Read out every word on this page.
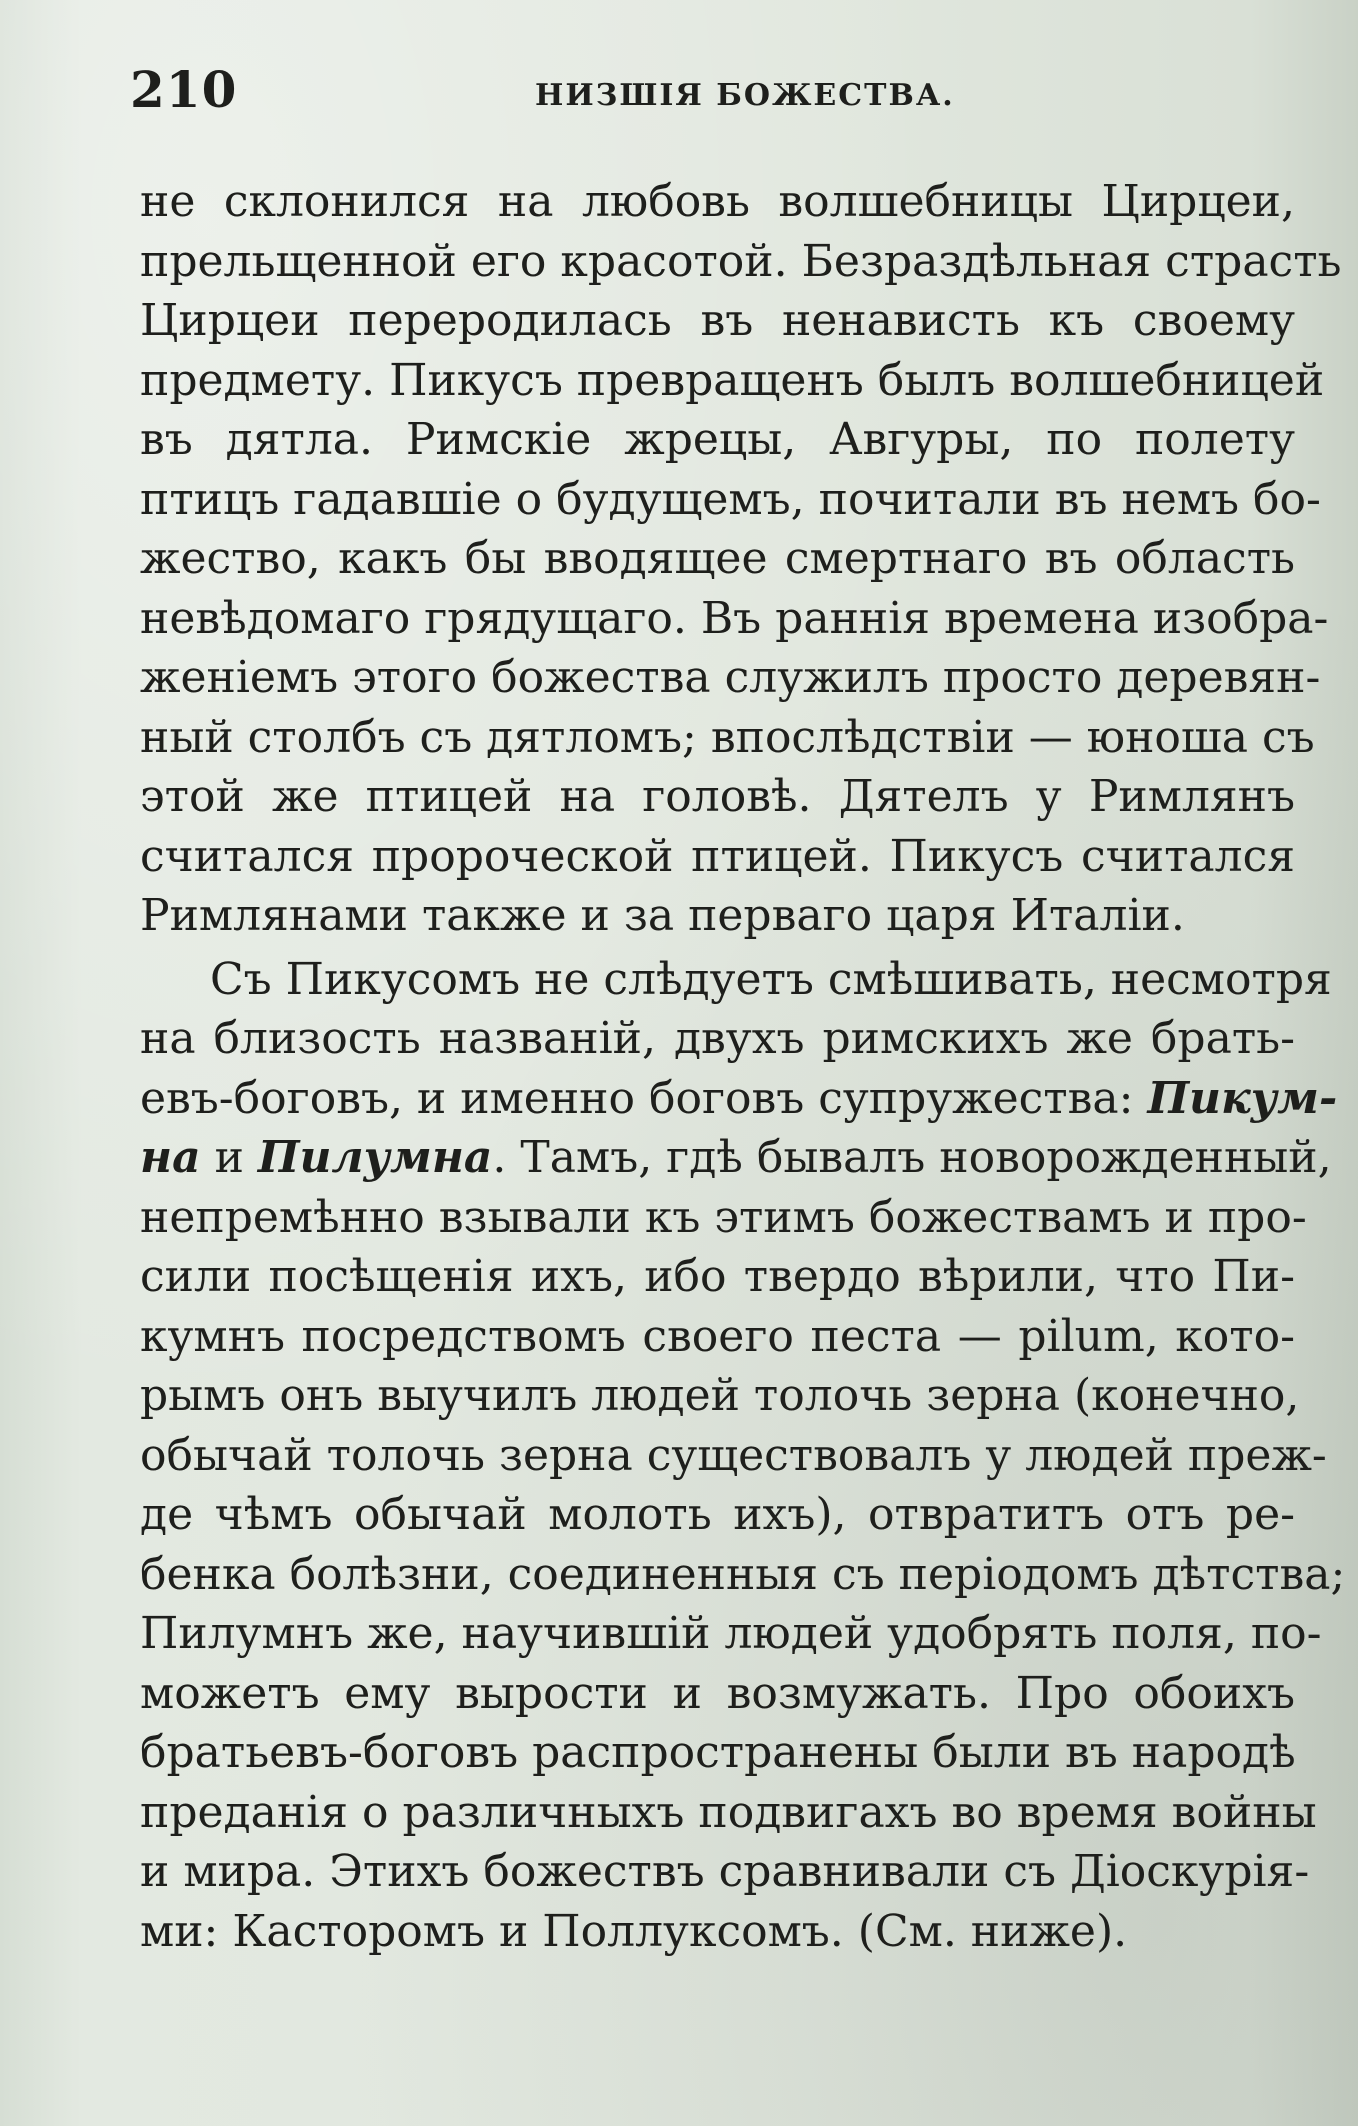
210	НИЗШІЯ БОЖЕСТВА.
не склонился на любовь волшебницы Цирцеи,
прельщенной его красотой. Безраздѣльная страсть
Цирцеи переродилась въ ненависть къ своему
предмету. Пикусъ превращенъ былъ волшебницей
въ дятла. Римскіе жрецы, Авгуры, по полету
птицъ гадавшіе о будущемъ, почитали въ немъ бо-
жество, какъ бы вводящее смертнаго въ область
невѣдомаго грядущаго. Въ раннія времена изобра-
женіемъ этого божества служилъ просто деревян-
ный столбъ съ дятломъ; впослѣдствіи — юноша съ
этой же птицей на головѣ. Дятелъ у Римлянъ
считался пророческой птицей. Пикусъ считался
Римлянами также и за перваго царя Италіи.
Съ Пикусомъ не слѣдуетъ смѣшивать, несмотря
на близость названій, двухъ римскихъ же брать-
евъ-боговъ, и именно боговъ супружества: Пикум-
на и Пилумна. Тамъ, гдѣ бывалъ новорожденный,
непремѣнно взывали къ этимъ божествамъ и про-
сили посѣщенія ихъ, ибо твердо вѣрили, что Пи-
кумнъ посредствомъ своего песта — pilum, кото-
рымъ онъ выучилъ людей толочь зерна (конечно,
обычай толочь зерна существовалъ у людей преж-
де чѣмъ обычай молоть ихъ), отвратитъ отъ ре-
бенка болѣзни, соединенныя съ періодомъ дѣтства;
Пилумнъ же, научившій людей удобрять поля, по-
можетъ ему вырости и возмужать. Про обоихъ
братьевъ-боговъ распространены были въ народѣ
преданія о различныхъ подвигахъ во время войны
и мира. Этихъ божествъ сравнивали съ Діоскурія-
ми: Касторомъ и Поллуксомъ. (См. ниже).
